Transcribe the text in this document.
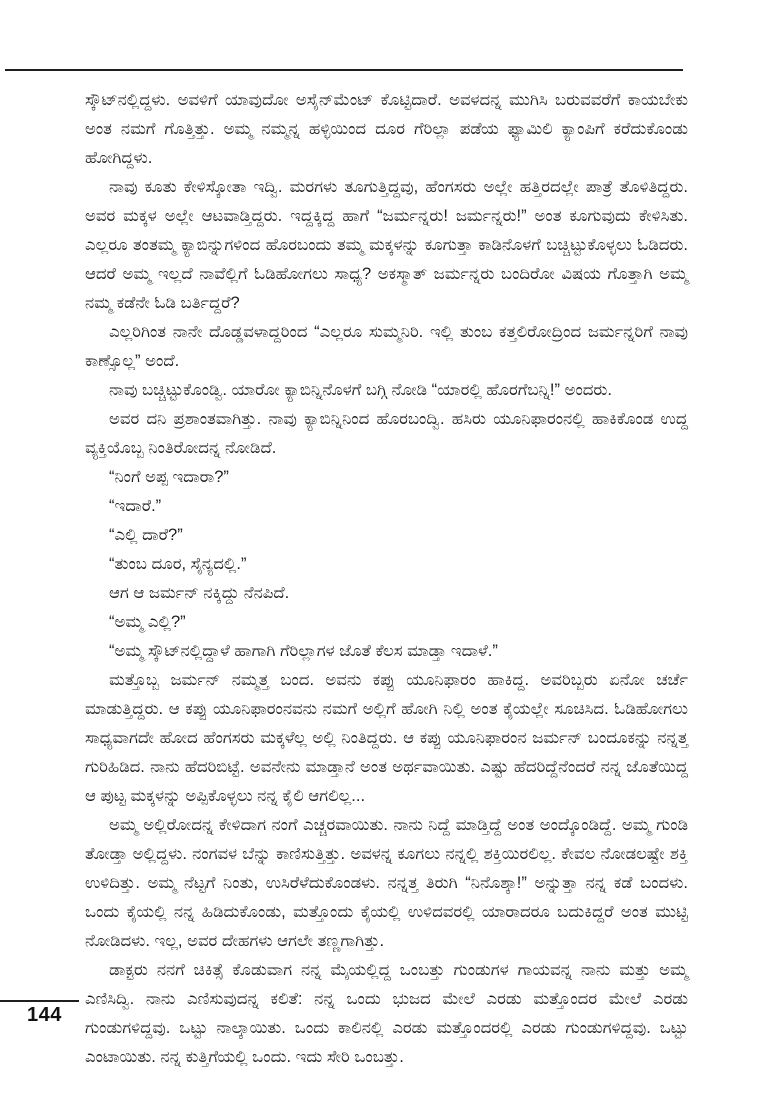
ಸ್ಕೌಟ್‌ನಲ್ಲಿದ್ದಳು. ಅವಳಿಗೆ ಯಾವುದೋ ಅಸೈನ್‌ಮೆಂಟ್ ಕೊಟ್ಟಿದಾರೆ. ಅವಳದನ್ನ ಮುಗಿಸಿ ಬರುವವರೆಗೆ ಕಾಯಬೇಕು ಅಂತ ನಮಗೆ ಗೊತ್ತಿತ್ತು. ಅಮ್ಮ ನಮ್ಮನ್ನ ಹಳ್ಳಿಯಿಂದ ದೂರ ಗೆರಿಲ್ಲಾ ಪಡೆಯ ಫ್ಯಾಮಿಲಿ ಕ್ಯಾಂಪಿಗೆ ಕರೆದುಕೊಂಡು ಹೋಗಿದ್ದಳು.

ನಾವು ಕೂತು ಕೇಳಿಸ್ಕೋತಾ ಇದ್ವಿ. ಮರಗಳು ತೂಗುತ್ತಿದ್ದವು, ಹೆಂಗಸರು ಅಲ್ಲೇ ಹತ್ತಿರದಲ್ಲೇ ಪಾತ್ರೆ ತೊಳಿತಿದ್ದರು. ಅವರ ಮಕ್ಕಳ ಅಲ್ಲೇ ಆಟವಾಡ್ತಿದ್ದರು. ಇದ್ದಕ್ಕಿದ್ದ ಹಾಗೆ “ಜರ್ಮನ್ನರು! ಜರ್ಮನ್ನರು!” ಅಂತ ಕೂಗುವುದು ಕೇಳಿಸಿತು. ಎಲ್ಲರೂ ತಂತಮ್ಮ ಕ್ಯಾಬಿನ್ನುಗಳಿಂದ ಹೊರಬಂದು ತಮ್ಮ ಮಕ್ಕಳನ್ನು ಕೂಗುತ್ತಾ ಕಾಡಿನೊಳಗೆ ಬಚ್ಚಿಟ್ಟುಕೊಳ್ಳಲು ಓಡಿದರು. ಆದರೆ ಅಮ್ಮ ಇಲ್ಲದೆ ನಾವೆಲ್ಲಿಗೆ ಓಡಿಹೋಗಲು ಸಾಧ್ಯ? ಅಕಸ್ಮಾತ್ ಜರ್ಮನ್ನರು ಬಂದಿರೋ ವಿಷಯ ಗೊತ್ತಾಗಿ ಅಮ್ಮ ನಮ್ಮ ಕಡೆನೇ ಓಡಿ ಬರ್ತಿದ್ದರೆ?

ಎಲ್ಲರಿಗಿಂತ ನಾನೇ ದೊಡ್ಡವಳಾದ್ದರಿಂದ “ಎಲ್ಲರೂ ಸುಮ್ಮನಿರಿ. ಇಲ್ಲಿ ತುಂಬ ಕತ್ತಲಿರೋದ್ರಿಂದ ಜರ್ಮನ್ನರಿಗೆ ನಾವು ಕಾಣ್ಸೊಲ್ಲ” ಅಂದೆ.

ನಾವು ಬಚ್ಚಿಟ್ಟುಕೊಂಡ್ವಿ. ಯಾರೋ ಕ್ಯಾಬಿನ್ನಿನೊಳಗೆ ಬಗ್ಗಿ ನೋಡಿ “ಯಾರಲ್ಲಿ ಹೊರಗೆಬನ್ನಿ!” ಅಂದರು.

ಅವರ ದನಿ ಪ್ರಶಾಂತವಾಗಿತ್ತು. ನಾವು ಕ್ಯಾಬಿನ್ನಿನಿಂದ ಹೊರಬಂದ್ವಿ. ಹಸಿರು ಯೂನಿಫಾರಂನಲ್ಲಿ ಹಾಕಿಕೊಂಡ ಉದ್ದ ವ್ಯಕ್ತಿಯೊಬ್ಬ ನಿಂತಿರೋದನ್ನ ನೋಡಿದೆ.

“ನಿಂಗೆ ಅಪ್ಪ ಇದಾರಾ?”

“ಇದಾರೆ.”

“ಎಲ್ಲಿ ದಾರೆ?”

“ತುಂಬ ದೂರ, ಸೈನ್ಯದಲ್ಲಿ.”

ಆಗ ಆ ಜರ್ಮನ್ ನಕ್ಕಿದ್ದು ನೆನಪಿದೆ.

“ಅಮ್ಮ ಎಲ್ಲಿ?”

“ಅಮ್ಮ ಸ್ಕೌಟ್‌ನಲ್ಲಿದ್ದಾಳೆ ಹಾಗಾಗಿ ಗೆರಿಲ್ಲಾಗಳ ಜೊತೆ ಕೆಲಸ ಮಾಡ್ತಾ ಇದಾಳೆ.”

ಮತ್ತೊಬ್ಬ ಜರ್ಮನ್ ನಮ್ಮತ್ತ ಬಂದ. ಅವನು ಕಪ್ಪು ಯೂನಿಫಾರಂ ಹಾಕಿದ್ದ. ಅವರಿಬ್ಬರು ಏನೋ ಚರ್ಚೆ ಮಾಡುತ್ತಿದ್ದರು. ಆ ಕಪ್ಪು ಯೂನಿಫಾರಂನವನು ನಮಗೆ ಅಲ್ಲಿಗೆ ಹೋಗಿ ನಿಲ್ಲಿ ಅಂತ ಕೈಯಲ್ಲೇ ಸೂಚಿಸಿದ. ಓಡಿಹೋಗಲು ಸಾಧ್ಯವಾಗದೇ ಹೋದ ಹೆಂಗಸರು ಮಕ್ಕಳೆಲ್ಲ ಅಲ್ಲಿ ನಿಂತಿದ್ದರು. ಆ ಕಪ್ಪು ಯೂನಿಫಾರಂನ ಜರ್ಮನ್ ಬಂದೂಕನ್ನು ನನ್ನತ್ತ ಗುರಿಹಿಡಿದ. ನಾನು ಹೆದರಿಬಿಟ್ಟೆ. ಅವನೇನು ಮಾಡ್ತಾನೆ ಅಂತ ಅರ್ಥವಾಯಿತು. ಎಷ್ಟು ಹೆದರಿದ್ದೆನೆಂದರೆ ನನ್ನ ಜೊತೆಯಿದ್ದ ಆ ಪುಟ್ಟ ಮಕ್ಕಳನ್ನು ಅಪ್ಪಿಕೊಳ್ಳಲು ನನ್ನ ಕೈಲಿ ಆಗಲಿಲ್ಲ...

ಅಮ್ಮ ಅಲ್ಲಿರೋದನ್ನ ಕೇಳಿದಾಗ ನಂಗೆ ಎಚ್ಚರವಾಯಿತು. ನಾನು ನಿದ್ದೆ ಮಾಡ್ತಿದ್ದೆ ಅಂತ ಅಂದ್ಕೊಂಡಿದ್ದೆ. ಅಮ್ಮ ಗುಂಡಿ ತೋಡ್ತಾ ಅಲ್ಲಿದ್ದಳು. ನಂಗವಳ ಬೆನ್ನು ಕಾಣಿಸುತ್ತಿತ್ತು. ಅವಳನ್ನ ಕೂಗಲು ನನ್ನಲ್ಲಿ ಶಕ್ತಿಯಿರಲಿಲ್ಲ. ಕೇವಲ ನೋಡಲಷ್ಟೇ ಶಕ್ತಿ ಉಳಿದಿತ್ತು. ಅಮ್ಮ ನೆಟ್ಟಗೆ ನಿಂತು, ಉಸಿರೆಳೆದುಕೊಂಡಳು. ನನ್ನತ್ತ ತಿರುಗಿ “ನಿನೊಶ್ಕಾ!” ಅನ್ನುತ್ತಾ ನನ್ನ ಕಡೆ ಬಂದಳು. ಒಂದು ಕೈಯಲ್ಲಿ ನನ್ನ ಹಿಡಿದುಕೊಂಡು, ಮತ್ತೊಂದು ಕೈಯಲ್ಲಿ ಉಳಿದವರಲ್ಲಿ ಯಾರಾದರೂ ಬದುಕಿದ್ದರೆ ಅಂತ ಮುಟ್ಟಿ ನೋಡಿದಳು. ಇಲ್ಲ, ಅವರ ದೇಹಗಳು ಆಗಲೇ ತಣ್ಣಗಾಗಿತ್ತು.

ಡಾಕ್ಟರು ನನಗೆ ಚಿಕಿತ್ಸೆ ಕೊಡುವಾಗ ನನ್ನ ಮೈಯಲ್ಲಿದ್ದ ಒಂಬತ್ತು ಗುಂಡುಗಳ ಗಾಯವನ್ನ ನಾನು ಮತ್ತು ಅಮ್ಮ ಎಣಿಸಿದ್ವಿ. ನಾನು ಎಣಿಸುವುದನ್ನ ಕಲಿತೆ: ನನ್ನ ಒಂದು ಭುಜದ ಮೇಲೆ ಎರಡು ಮತ್ತೊಂದರ ಮೇಲೆ ಎರಡು ಗುಂಡುಗಳಿದ್ದವು. ಒಟ್ಟು ನಾಲ್ಕಾಯಿತು. ಒಂದು ಕಾಲಿನಲ್ಲಿ ಎರಡು ಮತ್ತೊಂದರಲ್ಲಿ ಎರಡು ಗುಂಡುಗಳಿದ್ದವು. ಒಟ್ಟು ಎಂಟಾಯಿತು. ನನ್ನ ಕುತ್ತಿಗೆಯಲ್ಲಿ ಒಂದು. ಇದು ಸೇರಿ ಒಂಬತ್ತು.

144
